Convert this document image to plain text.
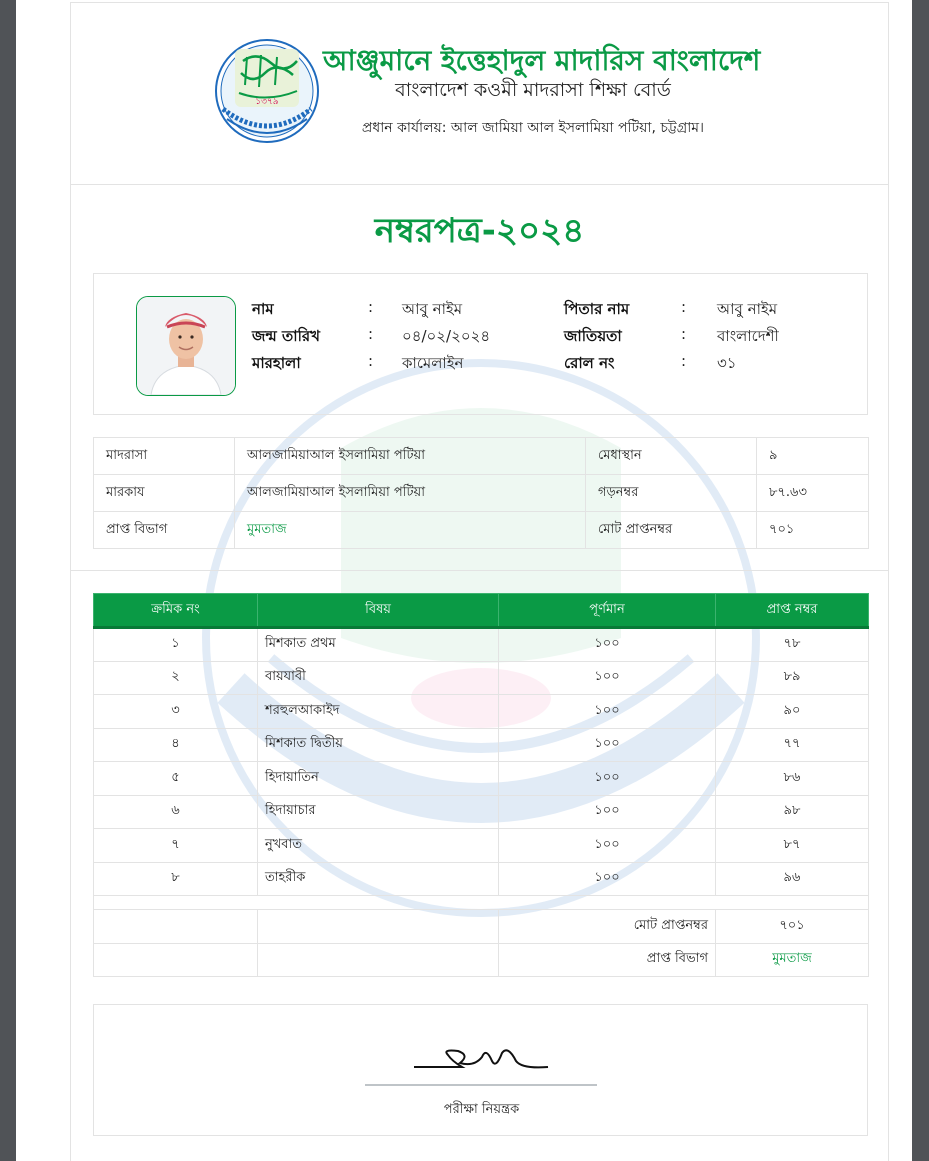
১৩৭৯
আঞ্জুমানে ইত্তেহাদুল মাদারিস বাংলাদেশ
বাংলাদেশ কওমী মাদরাসা শিক্ষা বোর্ড
প্রধান কার্যালয়: আল জামিয়া আল ইসলামিয়া পটিয়া, চট্টগ্রাম।
নম্বরপত্র-২০২৪
নাম	: আবু নাইম
জন্ম তারিখ	: ০৪/০২/২০২৪
মারহালা	: কামেলাইন
পিতার নাম	: আবু নাইম
জাতিয়তা	: বাংলাদেশী
রোল নং	: ৩১
মাদরাসা	আলজামিয়াআল ইসলামিয়া পটিয়া	মেধাস্থান	৯
মারকায	আলজামিয়াআল ইসলামিয়া পটিয়া	গড়নম্বর	৮৭.৬৩
প্রাপ্ত বিভাগ	মুমতাজ	মোট প্রাপ্তনম্বর	৭০১
ক্রমিক নং	বিষয়	পূর্ণমান	প্রাপ্ত নম্বর
১	মিশকাত প্রথম	১০০	৭৮
২	বায়যাবী	১০০	৮৯
৩	শরহুলআকাইদ	১০০	৯০
৪	মিশকাত দ্বিতীয়	১০০	৭৭
৫	হিদায়াতিন	১০০	৮৬
৬	হিদায়াচার	১০০	৯৮
৭	নুখবাত	১০০	৮৭
৮	তাহরীক	১০০	৯৬

		মোট প্রাপ্তনম্বর	৭০১
		প্রাপ্ত বিভাগ	মুমতাজ
পরীক্ষা নিয়ন্ত্রক
